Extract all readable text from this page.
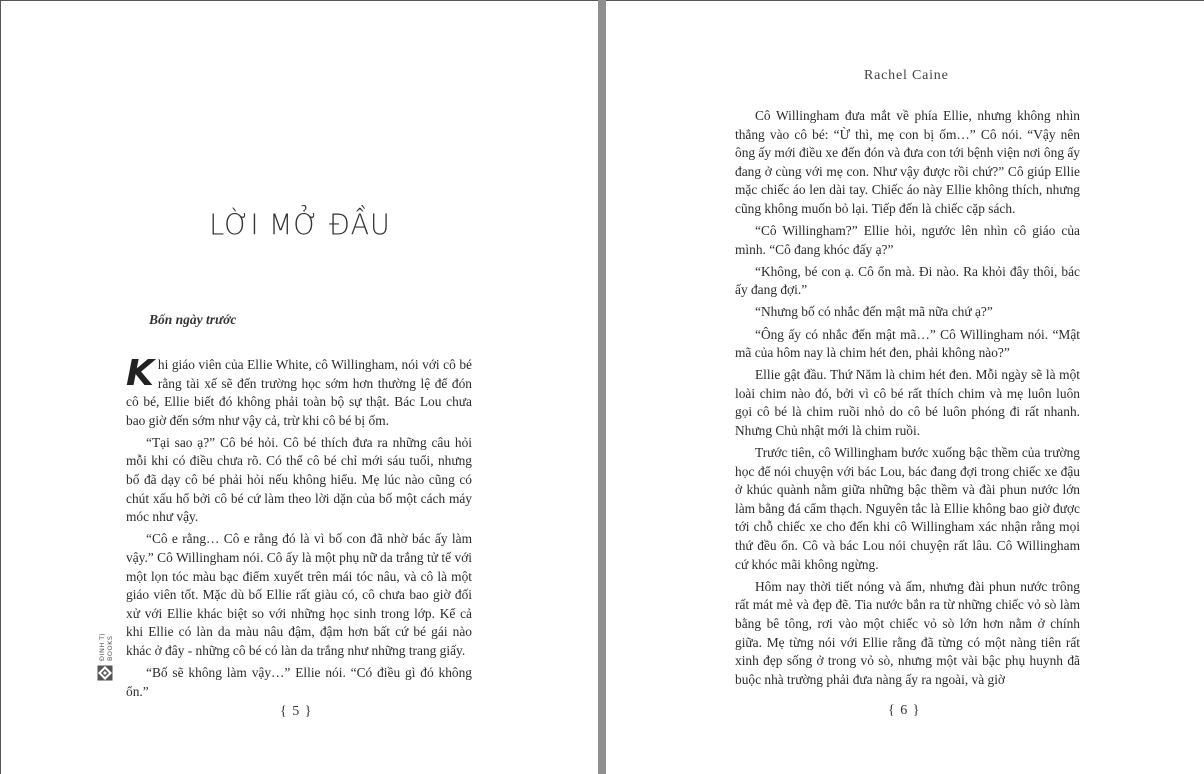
LỜI MỞ ĐẦU
Bốn ngày trước

Khi giáo viên của Ellie White, cô Willingham, nói với cô bé rằng tài xế sẽ đến trường học sớm hơn thường lệ để đón cô bé, Ellie biết đó không phải toàn bộ sự thật. Bác Lou chưa bao giờ đến sớm như vậy cả, trừ khi cô bé bị ốm.

“Tại sao ạ?” Cô bé hỏi. Cô bé thích đưa ra những câu hỏi mỗi khi có điều chưa rõ. Có thể cô bé chỉ mới sáu tuổi, nhưng bố đã dạy cô bé phải hỏi nếu không hiểu. Mẹ lúc nào cũng có chút xấu hổ bởi cô bé cứ làm theo lời dặn của bố một cách máy móc như vậy.

“Cô e rằng… Cô e rằng đó là vì bố con đã nhờ bác ấy làm vậy.” Cô Willingham nói. Cô ấy là một phụ nữ da trắng tử tế với một lọn tóc màu bạc điểm xuyết trên mái tóc nâu, và cô là một giáo viên tốt. Mặc dù bố Ellie rất giàu có, cô chưa bao giờ đối xử với Ellie khác biệt so với những học sinh trong lớp. Kể cả khi Ellie có làn da màu nâu đậm, đậm hơn bất cứ bé gái nào khác ở đây - những cô bé có làn da trắng như những trang giấy.

“Bố sẽ không làm vậy…” Ellie nói. “Có điều gì đó không ổn.”

ĐINH TỊ BOOKS
{ 5 }
Rachel Caine

Cô Willingham đưa mắt về phía Ellie, nhưng không nhìn thẳng vào cô bé: “Ừ thì, mẹ con bị ốm…” Cô nói. “Vậy nên ông ấy mới điều xe đến đón và đưa con tới bệnh viện nơi ông ấy đang ở cùng với mẹ con. Như vậy được rồi chứ?” Cô giúp Ellie mặc chiếc áo len dài tay. Chiếc áo này Ellie không thích, nhưng cũng không muốn bỏ lại. Tiếp đến là chiếc cặp sách.

“Cô Willingham?” Ellie hỏi, ngước lên nhìn cô giáo của mình. “Cô đang khóc đấy ạ?”

“Không, bé con ạ. Cô ổn mà. Đi nào. Ra khỏi đây thôi, bác ấy đang đợi.”

“Nhưng bố có nhắc đến mật mã nữa chứ ạ?”

“Ông ấy có nhắc đến mật mã…” Cô Willingham nói. “Mật mã của hôm nay là chim hét đen, phải không nào?”

Ellie gật đầu. Thứ Năm là chim hét đen. Mỗi ngày sẽ là một loài chim nào đó, bởi vì cô bé rất thích chim và mẹ luôn luôn gọi cô bé là chim ruồi nhỏ do cô bé luôn phóng đi rất nhanh. Nhưng Chủ nhật mới là chim ruồi.

Trước tiên, cô Willingham bước xuống bậc thềm của trường học để nói chuyện với bác Lou, bác đang đợi trong chiếc xe đậu ở khúc quành nằm giữa những bậc thềm và đài phun nước lớn làm bằng đá cẩm thạch. Nguyên tắc là Ellie không bao giờ được tới chỗ chiếc xe cho đến khi cô Willingham xác nhận rằng mọi thứ đều ổn. Cô và bác Lou nói chuyện rất lâu. Cô Willingham cứ khóc mãi không ngừng.

Hôm nay thời tiết nóng và ấm, nhưng đài phun nước trông rất mát mẻ và đẹp đẽ. Tia nước bắn ra từ những chiếc vỏ sò làm bằng bê tông, rơi vào một chiếc vỏ sò lớn hơn nằm ở chính giữa. Mẹ từng nói với Ellie rằng đã từng có một nàng tiên rất xinh đẹp sống ở trong vỏ sò, nhưng một vài bậc phụ huynh đã buộc nhà trường phải đưa nàng ấy ra ngoài, và giờ

{ 6 }
